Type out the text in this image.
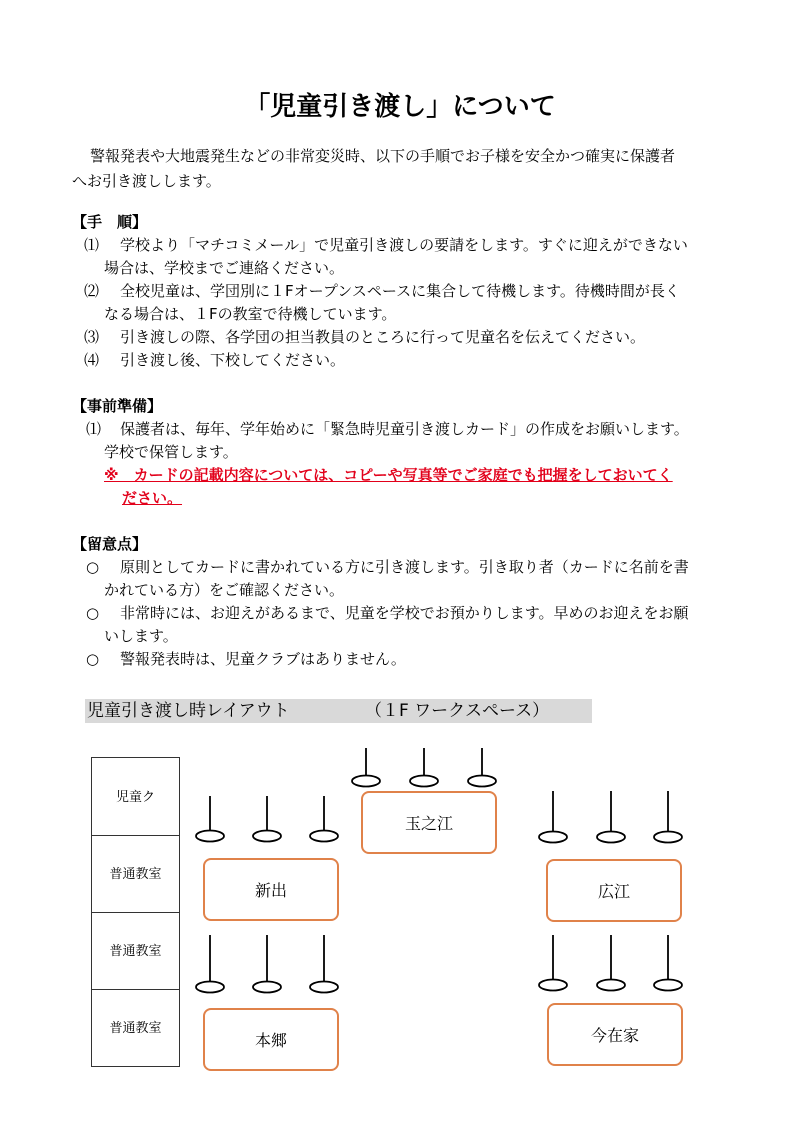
「児童引き渡し」について
警報発表や大地震発生などの非常変災時、以下の手順でお子様を安全かつ確実に保護者
へお引き渡しします。
【手　順】
⑴ 学校より「マチコミメール」で児童引き渡しの要請をします。すぐに迎えができない
場合は、学校までご連絡ください。
⑵ 全校児童は、学団別に１Fオープンスペースに集合して待機します。待機時間が長く
なる場合は、１Fの教室で待機しています。
⑶ 引き渡しの際、各学団の担当教員のところに行って児童名を伝えてください。
⑷ 引き渡し後、下校してください。
【事前準備】
⑴ 保護者は、毎年、学年始めに「緊急時児童引き渡しカード」の作成をお願いします。
学校で保管します。
※　カードの記載内容については、コピーや写真等でご家庭でも把握をしておいてく
ださい。
【留意点】
○ 原則としてカードに書かれている方に引き渡します。引き取り者（カードに名前を書
かれている方）をご確認ください。
○ 非常時には、お迎えがあるまで、児童を学校でお預かりします。早めのお迎えをお願
いします。
○ 警報発表時は、児童クラブはありません。
児童引き渡し時レイアウト	（１F ワークスペース）
児童ク
普通教室
普通教室
普通教室
玉之江
新出	広江
本郷	今在家
